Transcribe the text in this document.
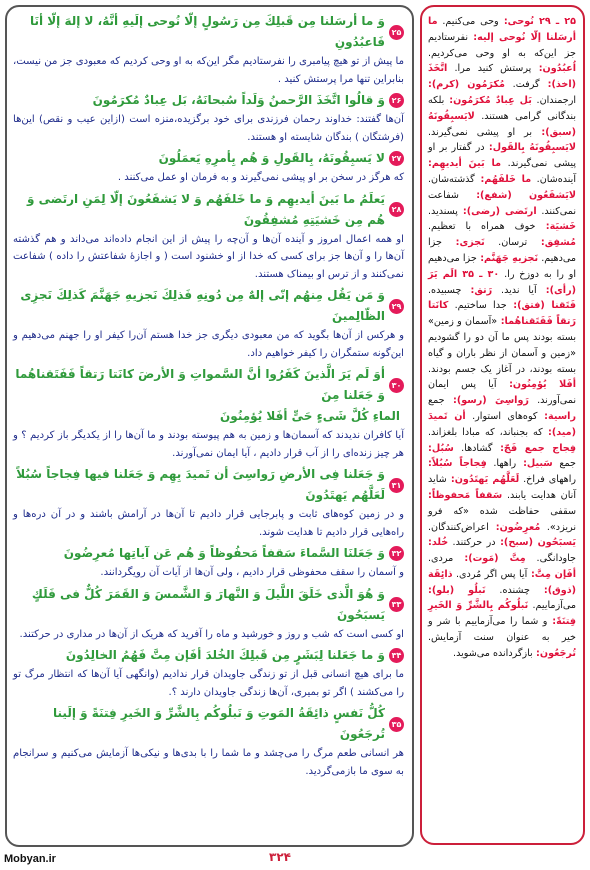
۲۵ ـ ۲۹ نُوحی: وحی می‌کنیم. ما أرسَلنا إلّا نُوحی إلیه: نفرستادیم جز این‌که به او وحی می‌کردیم. اُعبُدُون: پرستش کنید مرا. اتَّخَذَ (اخذ): گرفت. مُکرَمُون (کرم): ارجمندان. بَل عِبادٌ مُکرَمُون: بلکه بندگانی گرامی هستند. لایَسبِقُونَهُ (سبق): بر او پیشی نمی‌گیرند. لایَسبِقُونَهُ بِالقَول: در گفتار بر او پیشی نمی‌گیرند. ما بَینَ أیدیهِم: آینده‌شان. ما خَلفَهُم: گذشته‌شان. لایَشفَعُون (شفع): شفاعت نمی‌کنند. ارتَضی (رضی): پسندید. خَشیَة: خوف همراه با تعظیم. مُشفِق: ترسان. نَجزی: جزا می‌دهیم. نَجزیهِ جَهَنَّم: جزا می‌دهیم او را به دوزخ را. ۳۰ ـ ۳۵ الَم یَرَ (رأی): آیا ندید. رَتق: چسبیده. فَتَقنا (فتق): جدا ساختیم. کانَتا رَتقاً فَفَتَقناهُما: «آسمان و زمین» بسته بودند پس ما آن دو را گشودیم «زمین و آسمان از نظر باران و گیاه بسته بودند، در آغاز یک جسم بودند. أفَلا یُؤمِنُون: آیا پس ایمان نمی‌آورند. رَواسِیَ (رسو): جمع راسیة: کوه‌های استوار. أن تَمیدَ (مید): که بجنباند، که مبادا بلغزاند. فِجاج جمع فَجّ: گشادها. سُبُل: جمع سَبیل: راهها. فِجاجاً سُبُلاً: راههای فراخ. لَعَلَّهُم یَهتَدُون: شاید آنان هدایت یابند. سَقفاً مَحفوظاً: سقفی حفاظت شده «که فرو نریزد». مُعرِضُون: اعراض‌کنندگان. یَسبَحُون (سبح): در حرکتند. خُلد: جاودانگی. مِتَّ (مَوت): مردی. أفَإن مِتَّ: آیا پس اگر مُردی. ذائِقَة (ذوق): چشنده. نَبلُو (بلو): می‌آزماییم. نَبلُوکُم بِالشَّرِّ وَ الخَیرِ فِتنَةً: و شما را می‌آزماییم با شر و خیر به عنوان سنت آزمایش. تُرجَعُون: بازگردانده می‌شوید.
۲۵
وَ ما أرسَلنا مِن قَبلِكَ مِن رَسُولٍ إلّا نُوحی إلَیهِ أنَّهُ، لا إلهَ إلّا أنَا فَاعبُدُونِ
ما پیش از تو هیچ پیامبری را نفرستادیم مگر این‌که به او وحی کردیم که معبودی جز من نیست، بنابراین تنها مرا پرستش کنید .
۲۶
وَ قالُوا اتَّخَذَ الرَّحمنُ وَلَداً سُبحانَهُ، بَل عِبادٌ مُکرَمُونَ
آن‌ها گفتند: خداوند رحمان فرزندی برای خود برگزیده،منزه است (ازاین عیب و نقص) این‌ها (فرشتگان ) بندگان شایسته او هستند.
۲۷
لا یَسبِقُونَهُ، بِالقَولِ وَ هُم بِأمرِهِ یَعمَلُونَ
که هرگز در سخن بر او پیشی نمی‌گیرند و به فرمان او عمل می‌کنند .
۲۸
یَعلَمُ ما بَینَ أیدیهِم وَ ما خَلفَهُم وَ لا یَشفَعُونَ إلّا لِمَنِ ارتَضی وَ هُم مِن خَشیَتِهِ مُشفِقُونَ
او همه اعمال امروز و آینده آن‌ها و آن‌چه را پیش از این انجام داده‌اند می‌داند و هم گذشته آن‌ها را و آن‌ها جز برای کسی که خدا از او خشنود است ( و اجازهٔ شفاعتش را داده ) شفاعت نمی‌کنند و از ترس او بیمناک هستند.
۲۹
وَ مَن یَقُل مِنهُم إنّی إلهٌ مِن دُونِهِ فَذلِكَ نَجزیهِ جَهَنَّمَ كَذلِكَ نَجزِی الظّالِمینَ
و هرکس از آن‌ها بگوید که من معبودی دیگری جز خدا هستم آن‌را کیفر او را جهنم می‌دهیم و این‌گونه ستمگران را کیفر خواهیم داد.
۳۰
أوَ لَم یَرَ الَّذینَ كَفَرُوا أنَّ السَّمواتِ وَ الأرضَ كانَتا رَتقاً فَفَتَقناهُما وَ جَعَلنا مِنَ
الماءِ كُلَّ شَیءٍ حَیٍّ أفَلا یُؤمِنُونَ
آیا کافران ندیدند که آسمان‌ها و زمین به هم پیوسته بودند و ما آن‌ها را از یکدیگر باز کردیم ؟ و هر چیز زنده‌ای را از آب قرار دادیم ، آیا ایمان نمی‌آورند.
۳۱
وَ جَعَلنا فِی الأرضِ رَواسِیَ أن تَمیدَ بِهِم وَ جَعَلنا فیها فِجاجاً سُبُلاً لَعَلَّهُم یَهتَدُونَ
و در زمین کوه‌های ثابت و پابرجایی قرار دادیم تا آن‌ها در آرامش باشند و در آن دره‌ها و راه‌هایی قرار دادیم تا هدایت شوند.
۳۲
وَ جَعَلنَا السَّماءَ سَقفاً مَحفُوظاً وَ هُم عَن آیاتِها مُعرِضُونَ
و آسمان را سقف محفوظی قرار دادیم ، ولی آن‌ها از آیات آن رویگردانند.
۳۳
وَ هُوَ الَّذی خَلَقَ اللَّیلَ وَ النَّهارَ وَ الشَّمسَ وَ القَمَرَ كُلٌّ فی فَلَكٍ یَسبَحُونَ
او کسی است که شب و روز و خورشید و ماه را آفرید که هریک از آن‌ها در مداری در حرکتند.
۳۴
وَ ما جَعَلنا لِبَشَرٍ مِن قَبلِكَ الخُلدَ أفَإن مِتَّ فَهُمُ الخالِدُونَ
ما برای هیچ انسانی قبل از تو زندگی جاویدان قرار ندادیم (وانگهی آیا آن‌ها که انتظار مرگ تو را می‌کشند ) اگر تو بمیری، آن‌ها زندگی جاویدان دارند ؟.
۳۵
كُلُّ نَفسٍ ذائِقَةُ المَوتِ وَ نَبلُوکُم بِالشَّرِّ وَ الخَیرِ فِتنَةً وَ إلَینا تُرجَعُونَ
هر انسانی طعم مرگ را می‌چشد و ما شما را با بدی‌ها و نیکی‌ها آزمایش می‌کنیم و سرانجام به سوی ما بازمی‌گردید.
۳۲۴
Mobyan.ir
